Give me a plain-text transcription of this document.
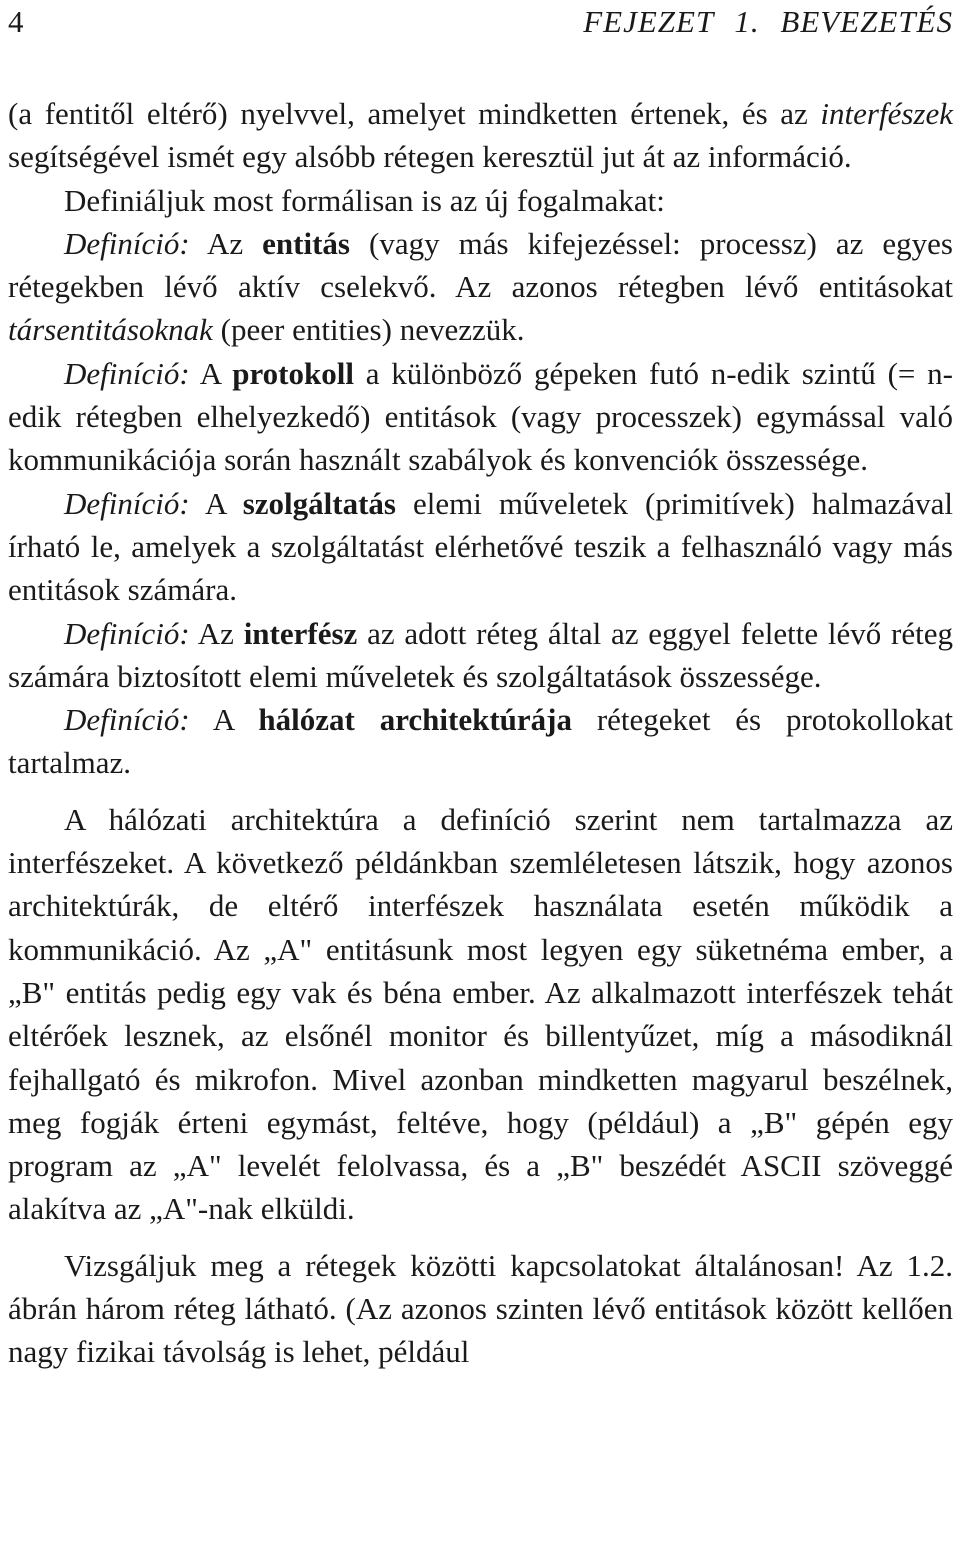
4	FEJEZET 1. BEVEZETÉS

(a fentitől eltérő) nyelvvel, amelyet mindketten értenek, és az interfészek segítségével ismét egy alsóbb rétegen keresztül jut át az információ.

Definiáljuk most formálisan is az új fogalmakat:

Definíció: Az entitás (vagy más kifejezéssel: processz) az egyes rétegekben lévő aktív cselekvő. Az azonos rétegben lévő entitásokat társentitásoknak (peer entities) nevezzük.

Definíció: A protokoll a különböző gépeken futó n-edik szintű (= n-edik rétegben elhelyezkedő) entitások (vagy processzek) egymással való kommunikációja során használt szabályok és konvenciók összessége.

Definíció: A szolgáltatás elemi műveletek (primitívek) halmazával írható le, amelyek a szolgáltatást elérhetővé teszik a felhasználó vagy más entitások számára.

Definíció: Az interfész az adott réteg által az eggyel felette lévő réteg számára biztosított elemi műveletek és szolgáltatások összessége.

Definíció: A hálózat architektúrája rétegeket és protokollokat tartalmaz.

A hálózati architektúra a definíció szerint nem tartalmazza az interfészeket. A következő példánkban szemléletesen látszik, hogy azonos architektúrák, de eltérő interfészek használata esetén működik a kommunikáció. Az „A" entitásunk most legyen egy süketnéma ember, a „B" entitás pedig egy vak és béna ember. Az alkalmazott interfészek tehát eltérőek lesznek, az elsőnél monitor és billentyűzet, míg a másodiknál fejhallgató és mikrofon. Mivel azonban mindketten magyarul beszélnek, meg fogják érteni egymást, feltéve, hogy (például) a „B" gépén egy program az „A" levelét felolvassa, és a „B" beszédét ASCII szöveggé alakítva az „A"-nak elküldi.

Vizsgáljuk meg a rétegek közötti kapcsolatokat általánosan! Az 1.2. ábrán három réteg látható. (Az azonos szinten lévő entitások között kellően nagy fizikai távolság is lehet, például
